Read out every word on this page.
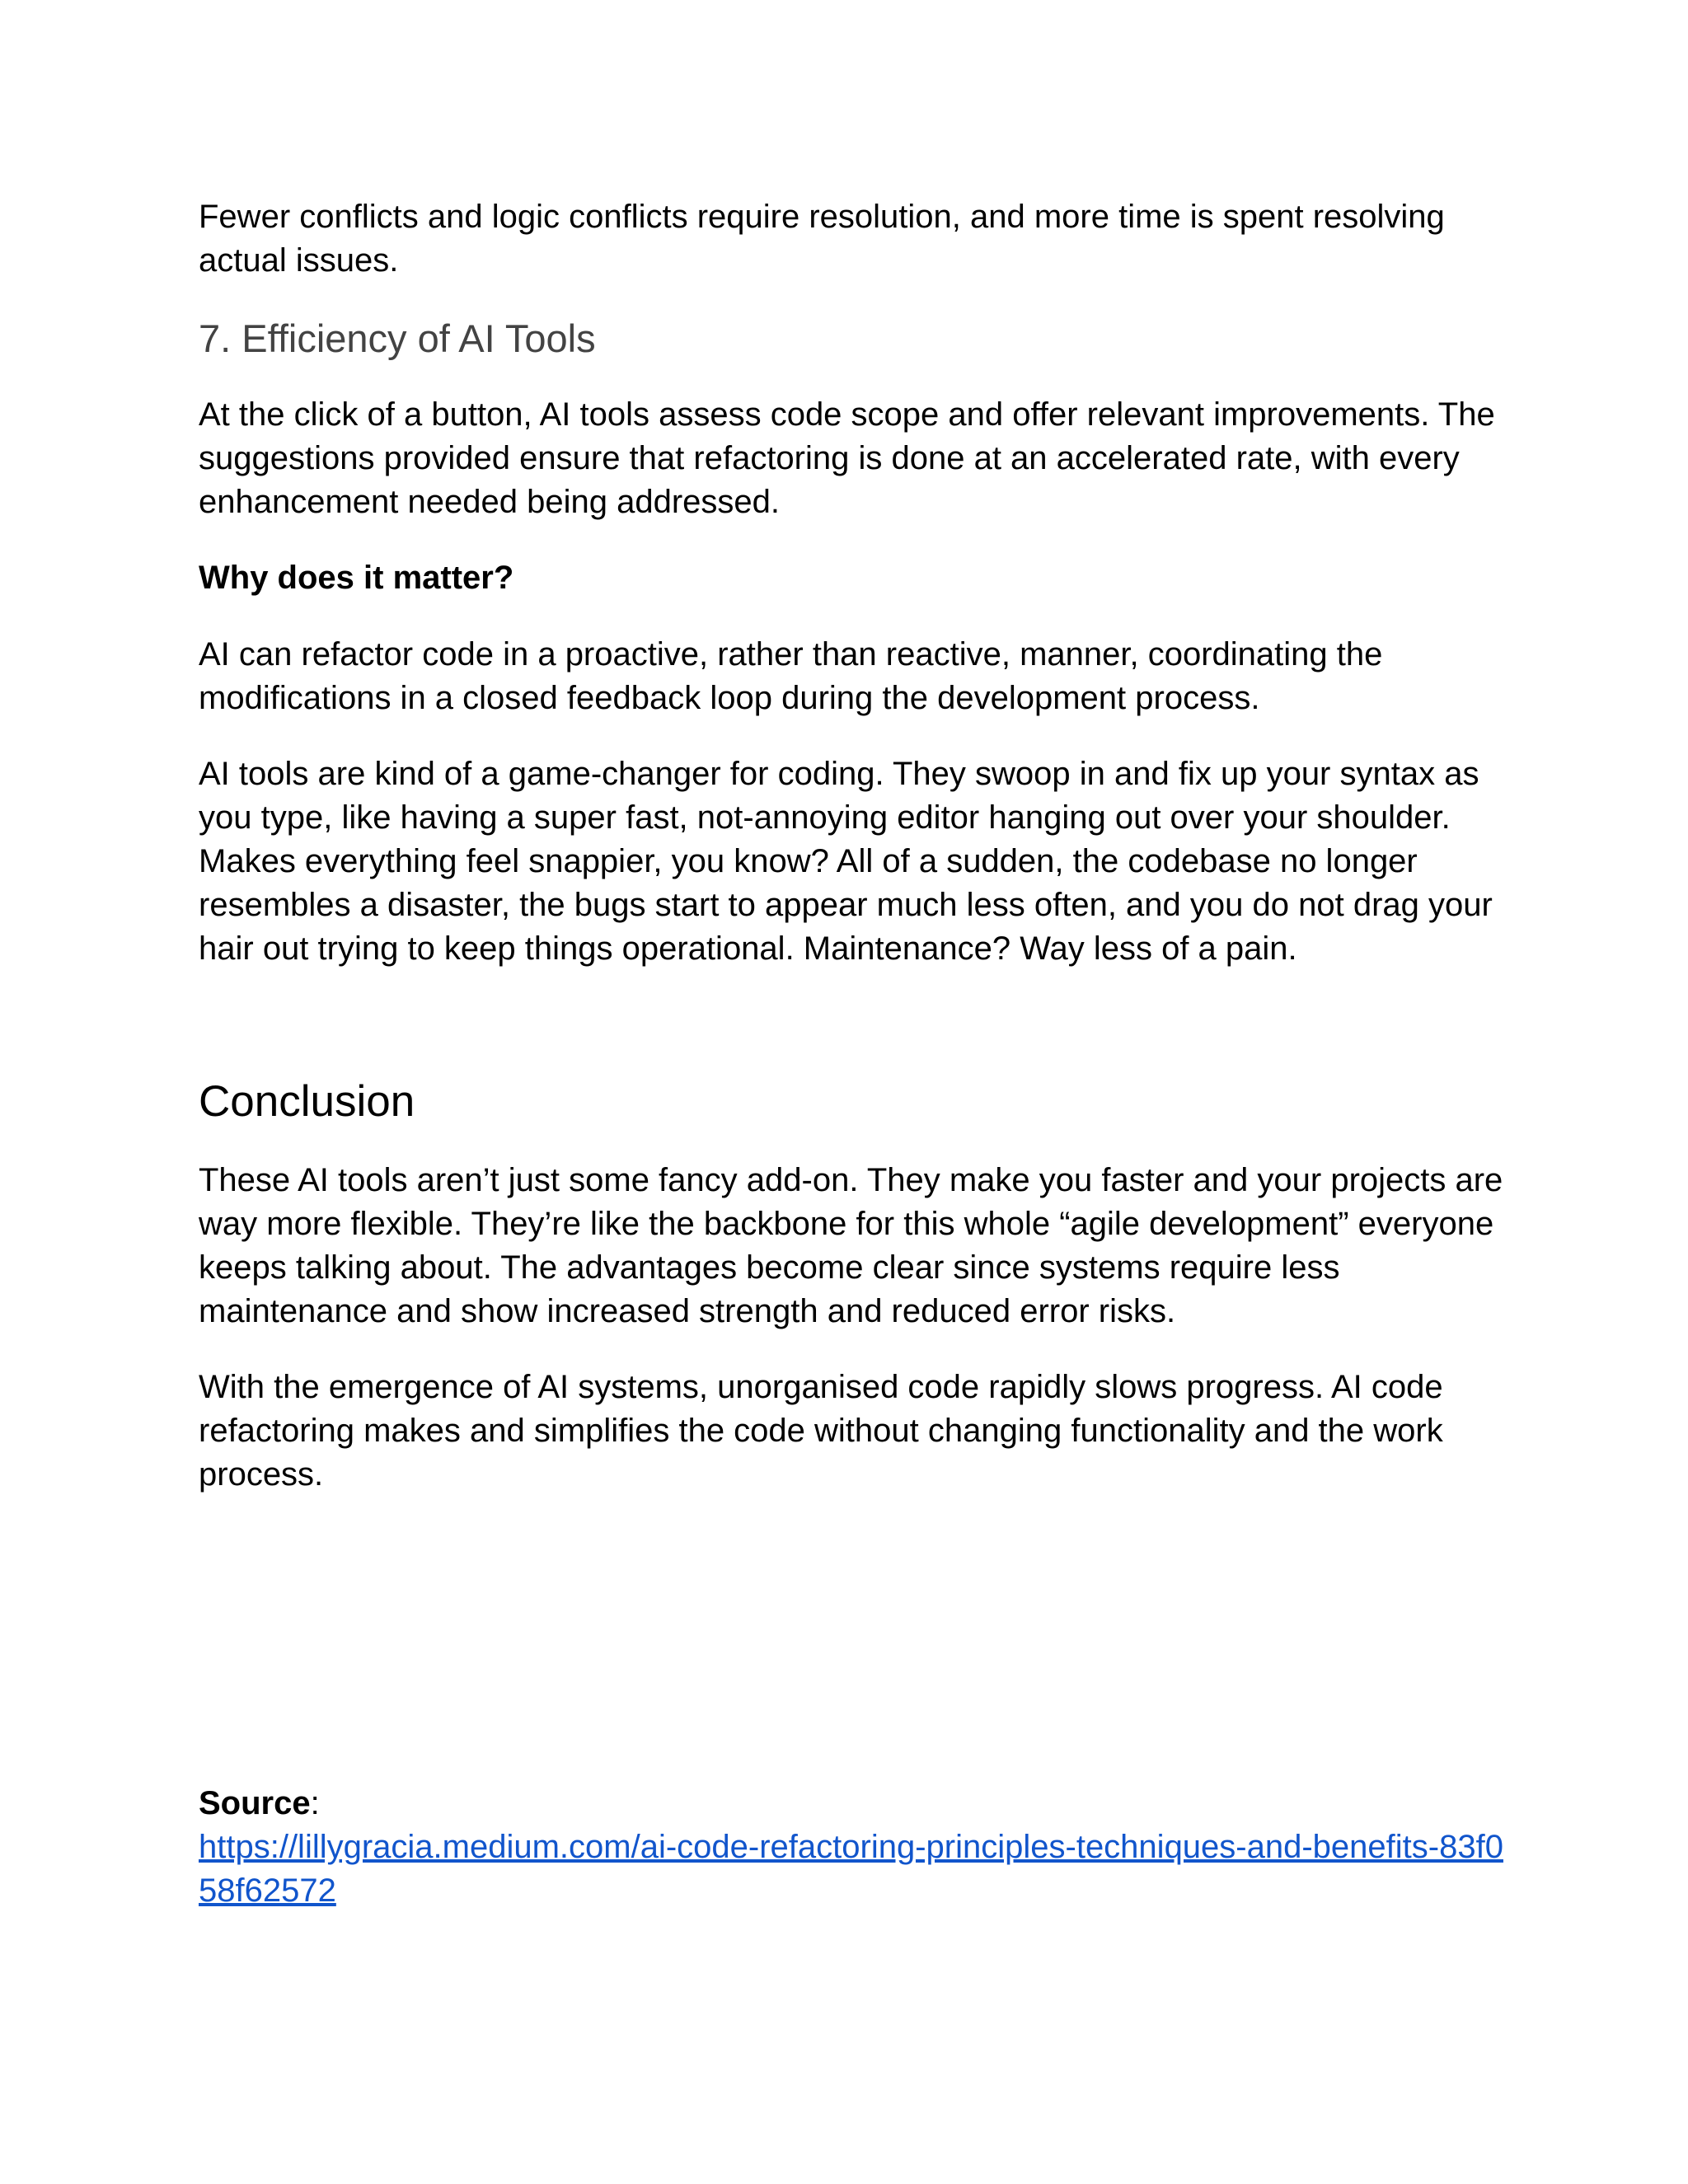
Fewer conflicts and logic conflicts require resolution, and more time is spent resolving actual issues.

7. Efficiency of AI Tools

At the click of a button, AI tools assess code scope and offer relevant improvements. The suggestions provided ensure that refactoring is done at an accelerated rate, with every enhancement needed being addressed.

Why does it matter?

AI can refactor code in a proactive, rather than reactive, manner, coordinating the modifications in a closed feedback loop during the development process.

AI tools are kind of a game-changer for coding. They swoop in and fix up your syntax as you type, like having a super fast, not-annoying editor hanging out over your shoulder. Makes everything feel snappier, you know? All of a sudden, the codebase no longer resembles a disaster, the bugs start to appear much less often, and you do not drag your hair out trying to keep things operational. Maintenance? Way less of a pain.

Conclusion

These AI tools aren’t just some fancy add-on. They make you faster and your projects are way more flexible. They’re like the backbone for this whole “agile development” everyone keeps talking about. The advantages become clear since systems require less maintenance and show increased strength and reduced error risks.

With the emergence of AI systems, unorganised code rapidly slows progress. AI code refactoring makes and simplifies the code without changing functionality and the work process.

Source:
https://lillygracia.medium.com/ai-code-refactoring-principles-techniques-and-benefits-83f058f62572
